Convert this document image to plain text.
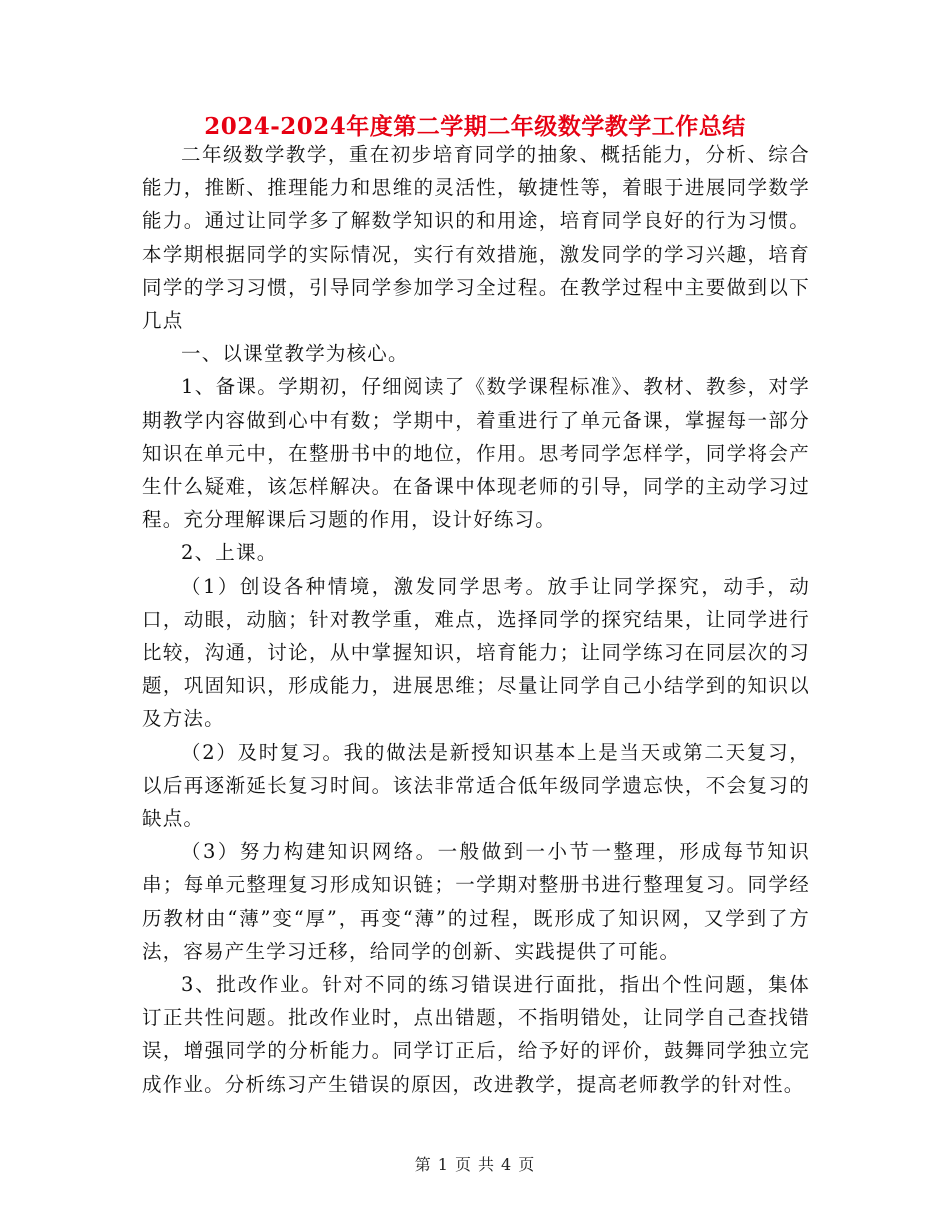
2024-2024年度第二学期二年级数学教学工作总结

二年级数学教学，重在初步培育同学的抽象、概括能力，分析、综合能力，推断、推理能力和思维的灵活性，敏捷性等，着眼于进展同学数学能力。通过让同学多了解数学知识的和用途，培育同学良好的行为习惯。本学期根据同学的实际情况，实行有效措施，激发同学的学习兴趣，培育同学的学习习惯，引导同学参加学习全过程。在教学过程中主要做到以下几点

一、以课堂教学为核心。

1、备课。学期初，仔细阅读了《数学课程标准》、教材、教参，对学期教学内容做到心中有数；学期中，着重进行了单元备课，掌握每一部分知识在单元中，在整册书中的地位，作用。思考同学怎样学，同学将会产生什么疑难，该怎样解决。在备课中体现老师的引导，同学的主动学习过程。充分理解课后习题的作用，设计好练习。

2、上课。

（1）创设各种情境，激发同学思考。放手让同学探究，动手，动口，动眼，动脑；针对教学重，难点，选择同学的探究结果，让同学进行比较，沟通，讨论，从中掌握知识，培育能力；让同学练习在同层次的习题，巩固知识，形成能力，进展思维；尽量让同学自己小结学到的知识以及方法。

（2）及时复习。我的做法是新授知识基本上是当天或第二天复习，以后再逐渐延长复习时间。该法非常适合低年级同学遗忘快，不会复习的缺点。

（3）努力构建知识网络。一般做到一小节一整理，形成每节知识串；每单元整理复习形成知识链；一学期对整册书进行整理复习。同学经历教材由“薄”变“厚”，再变“薄”的过程，既形成了知识网，又学到了方法，容易产生学习迁移，给同学的创新、实践提供了可能。

3、批改作业。针对不同的练习错误进行面批，指出个性问题，集体订正共性问题。批改作业时，点出错题，不指明错处，让同学自己查找错误，增强同学的分析能力。同学订正后，给予好的评价，鼓舞同学独立完成作业。分析练习产生错误的原因，改进教学，提高老师教学的针对性。

第 1 页 共 4 页
